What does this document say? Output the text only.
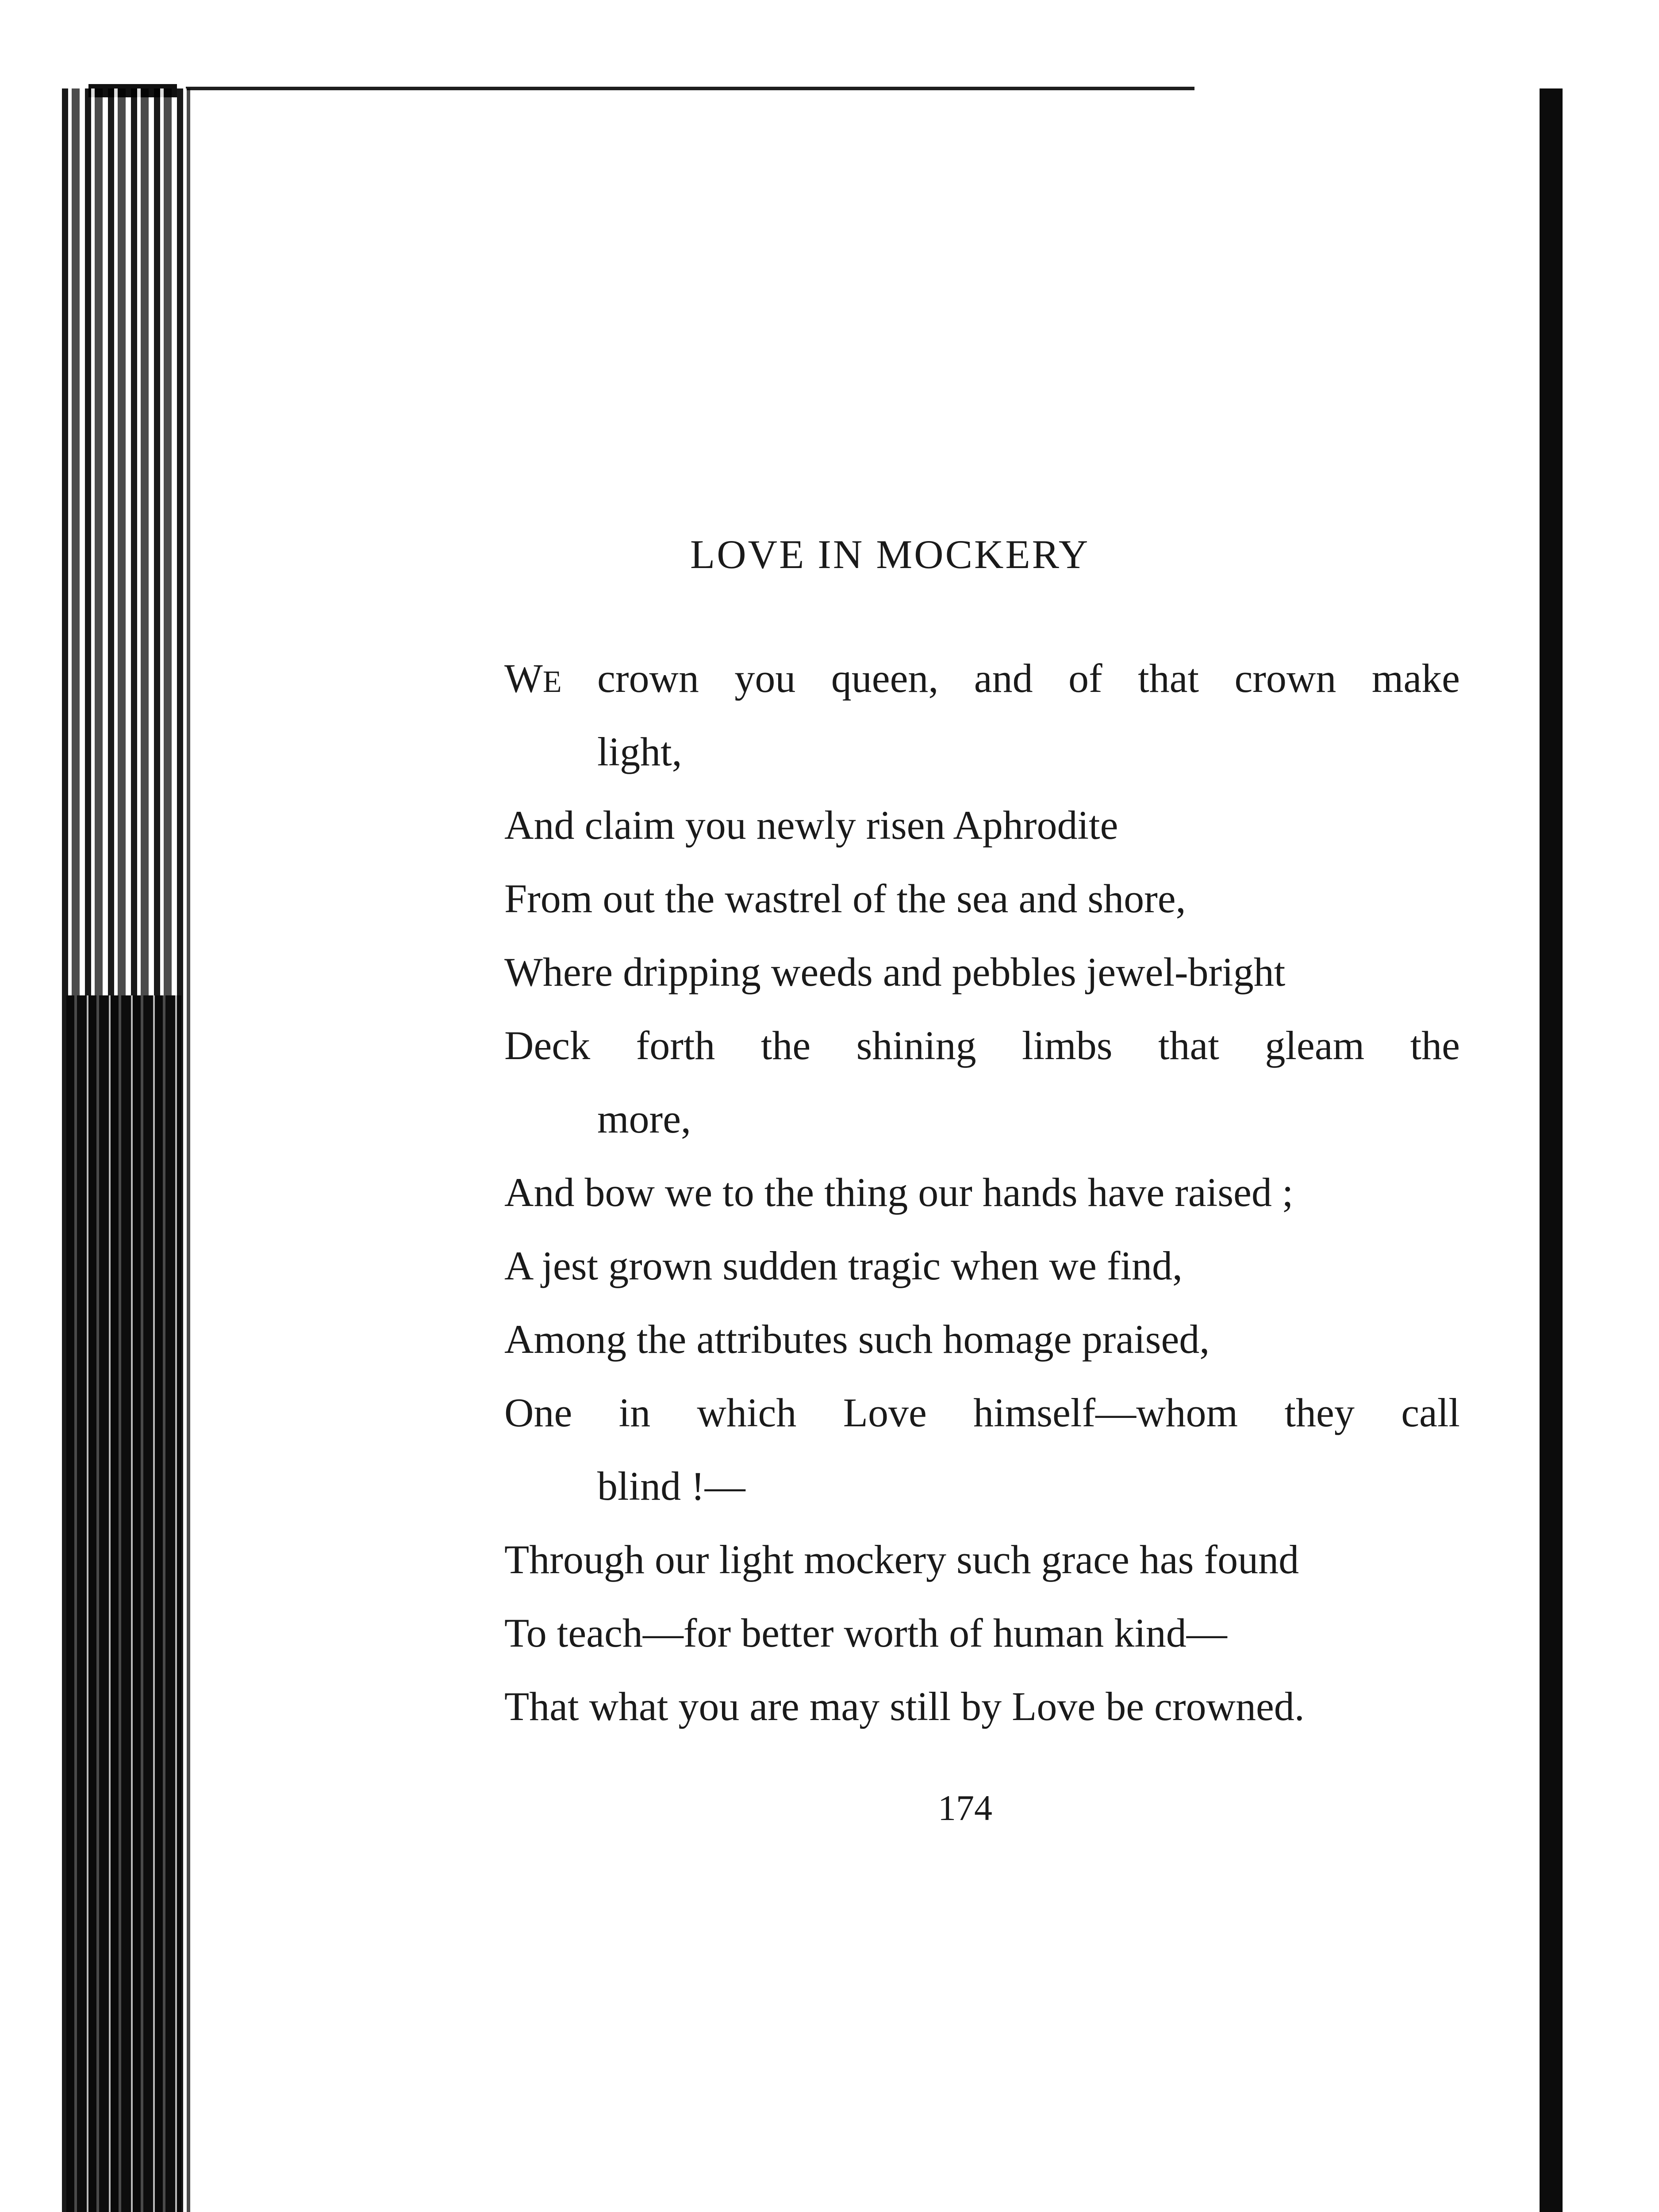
LOVE IN MOCKERY
WE crown you queen, and of that crown make
light,
And claim you newly risen Aphrodite
From out the wastrel of the sea and shore,
Where dripping weeds and pebbles jewel-bright
Deck forth the shining limbs that gleam the
more,
And bow we to the thing our hands have raised ;
A jest grown sudden tragic when we find,
Among the attributes such homage praised,
One in which Love himself—whom they call
blind !—
Through our light mockery such grace has found
To teach—for better worth of human kind—
That what you are may still by Love be crowned.
174
